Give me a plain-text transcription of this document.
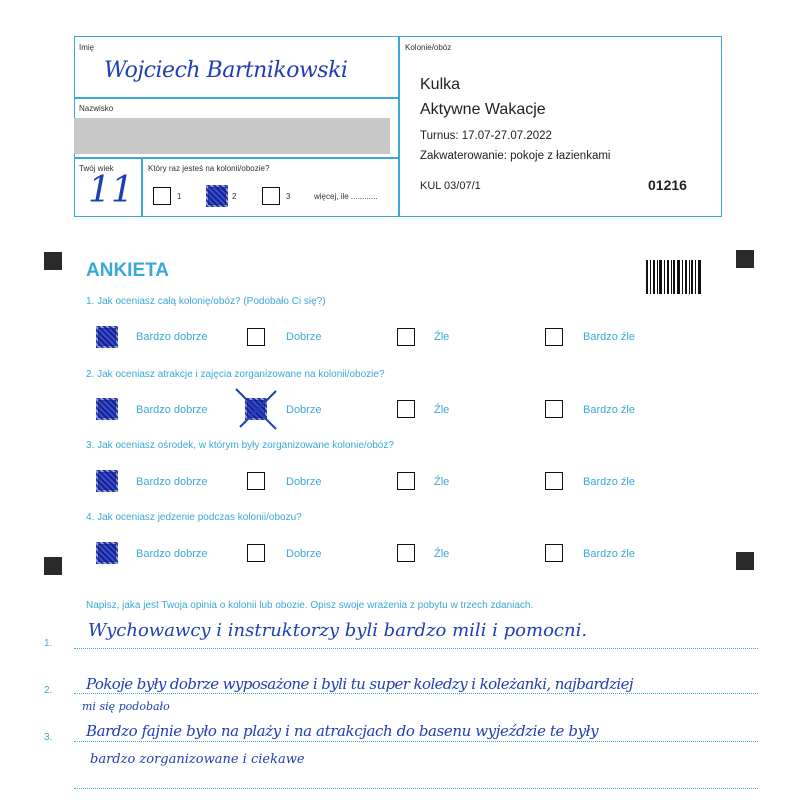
Imię
Wojciech Bartnikowski
Nazwisko
Twój wiek
11
Który raz jesteś na kolonii/obozie?
1	2	3	więcej, ile ............
Kolonie/obóz
Kulka
Aktywne Wakacje
Turnus: 17.07-27.07.2022
Zakwaterowanie: pokoje z łazienkami
KUL 03/07/1	01216
ANKIETA
1. Jak oceniasz całą kolonię/obóz? (Podobało Ci się?)
Bardzo dobrze	Dobrze	Źle	Bardzo źle
2. Jak oceniasz atrakcje i zajęcia zorganizowane na kolonii/obozie?
Bardzo dobrze	Dobrze	Źle	Bardzo źle
3. Jak oceniasz ośrodek, w którym były zorganizowane kolonie/obóz?
Bardzo dobrze	Dobrze	Źle	Bardzo źle
4. Jak oceniasz jedzenie podczas kolonii/obozu?
Bardzo dobrze	Dobrze	Źle	Bardzo źle
Napisz, jaka jest Twoja opinia o kolonii lub obozie. Opisz swoje wrażenia z pobytu w trzech zdaniach.
1.
2.
3.
Wychowawcy i instruktorzy byli bardzo mili i pomocni.
Pokoje były dobrze wyposażone i byli tu super koledzy i koleżanki, najbardziej
mi się podobało
Bardzo fajnie było na plaży i na atrakcjach do basenu wyjeździe te były
bardzo zorganizowane i ciekawe
